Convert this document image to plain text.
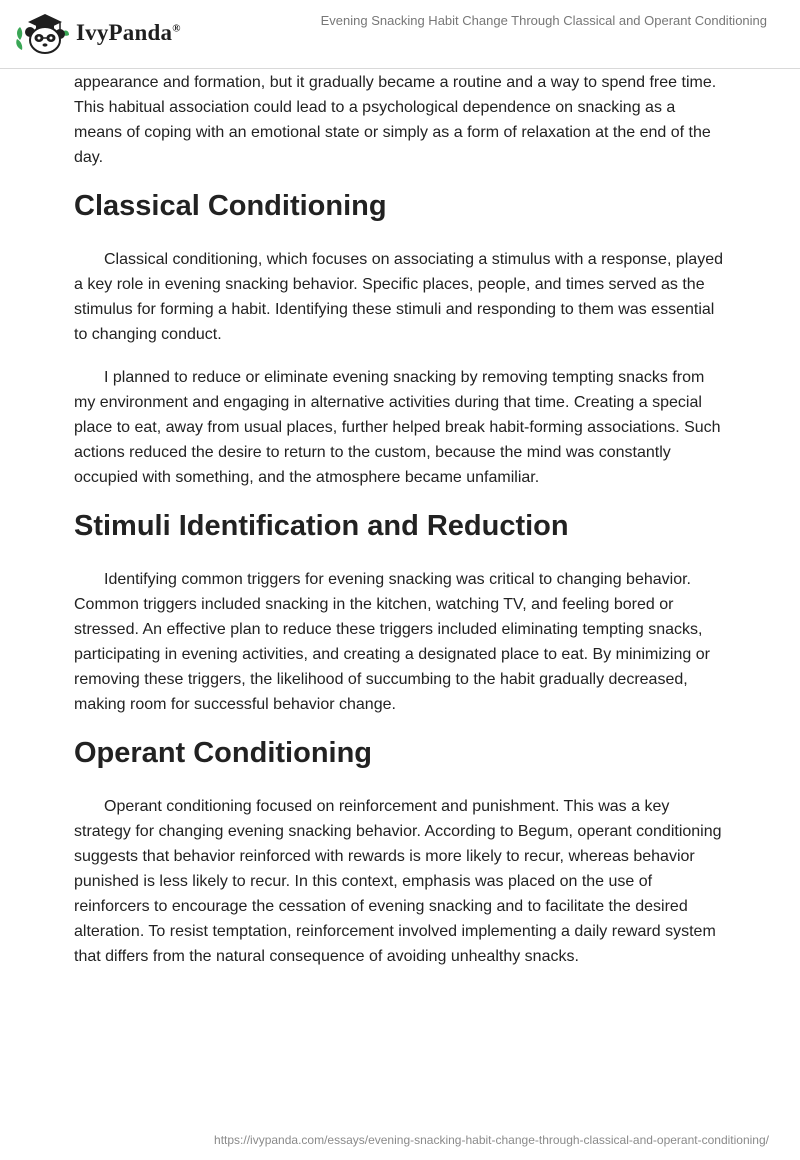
IvyPanda®
Evening Snacking Habit Change Through Classical and Operant Conditioning

appearance and formation, but it gradually became a routine and a way to spend free time. This habitual association could lead to a psychological dependence on snacking as a means of coping with an emotional state or simply as a form of relaxation at the end of the day.

Classical Conditioning

Classical conditioning, which focuses on associating a stimulus with a response, played a key role in evening snacking behavior. Specific places, people, and times served as the stimulus for forming a habit. Identifying these stimuli and responding to them was essential to changing conduct.

I planned to reduce or eliminate evening snacking by removing tempting snacks from my environment and engaging in alternative activities during that time. Creating a special place to eat, away from usual places, further helped break habit-forming associations. Such actions reduced the desire to return to the custom, because the mind was constantly occupied with something, and the atmosphere became unfamiliar.

Stimuli Identification and Reduction

Identifying common triggers for evening snacking was critical to changing behavior. Common triggers included snacking in the kitchen, watching TV, and feeling bored or stressed. An effective plan to reduce these triggers included eliminating tempting snacks, participating in evening activities, and creating a designated place to eat. By minimizing or removing these triggers, the likelihood of succumbing to the habit gradually decreased, making room for successful behavior change.

Operant Conditioning

Operant conditioning focused on reinforcement and punishment. This was a key strategy for changing evening snacking behavior. According to Begum, operant conditioning suggests that behavior reinforced with rewards is more likely to recur, whereas behavior punished is less likely to recur. In this context, emphasis was placed on the use of reinforcers to encourage the cessation of evening snacking and to facilitate the desired alteration. To resist temptation, reinforcement involved implementing a daily reward system that differs from the natural consequence of avoiding unhealthy snacks.

https://ivypanda.com/essays/evening-snacking-habit-change-through-classical-and-operant-conditioning/
